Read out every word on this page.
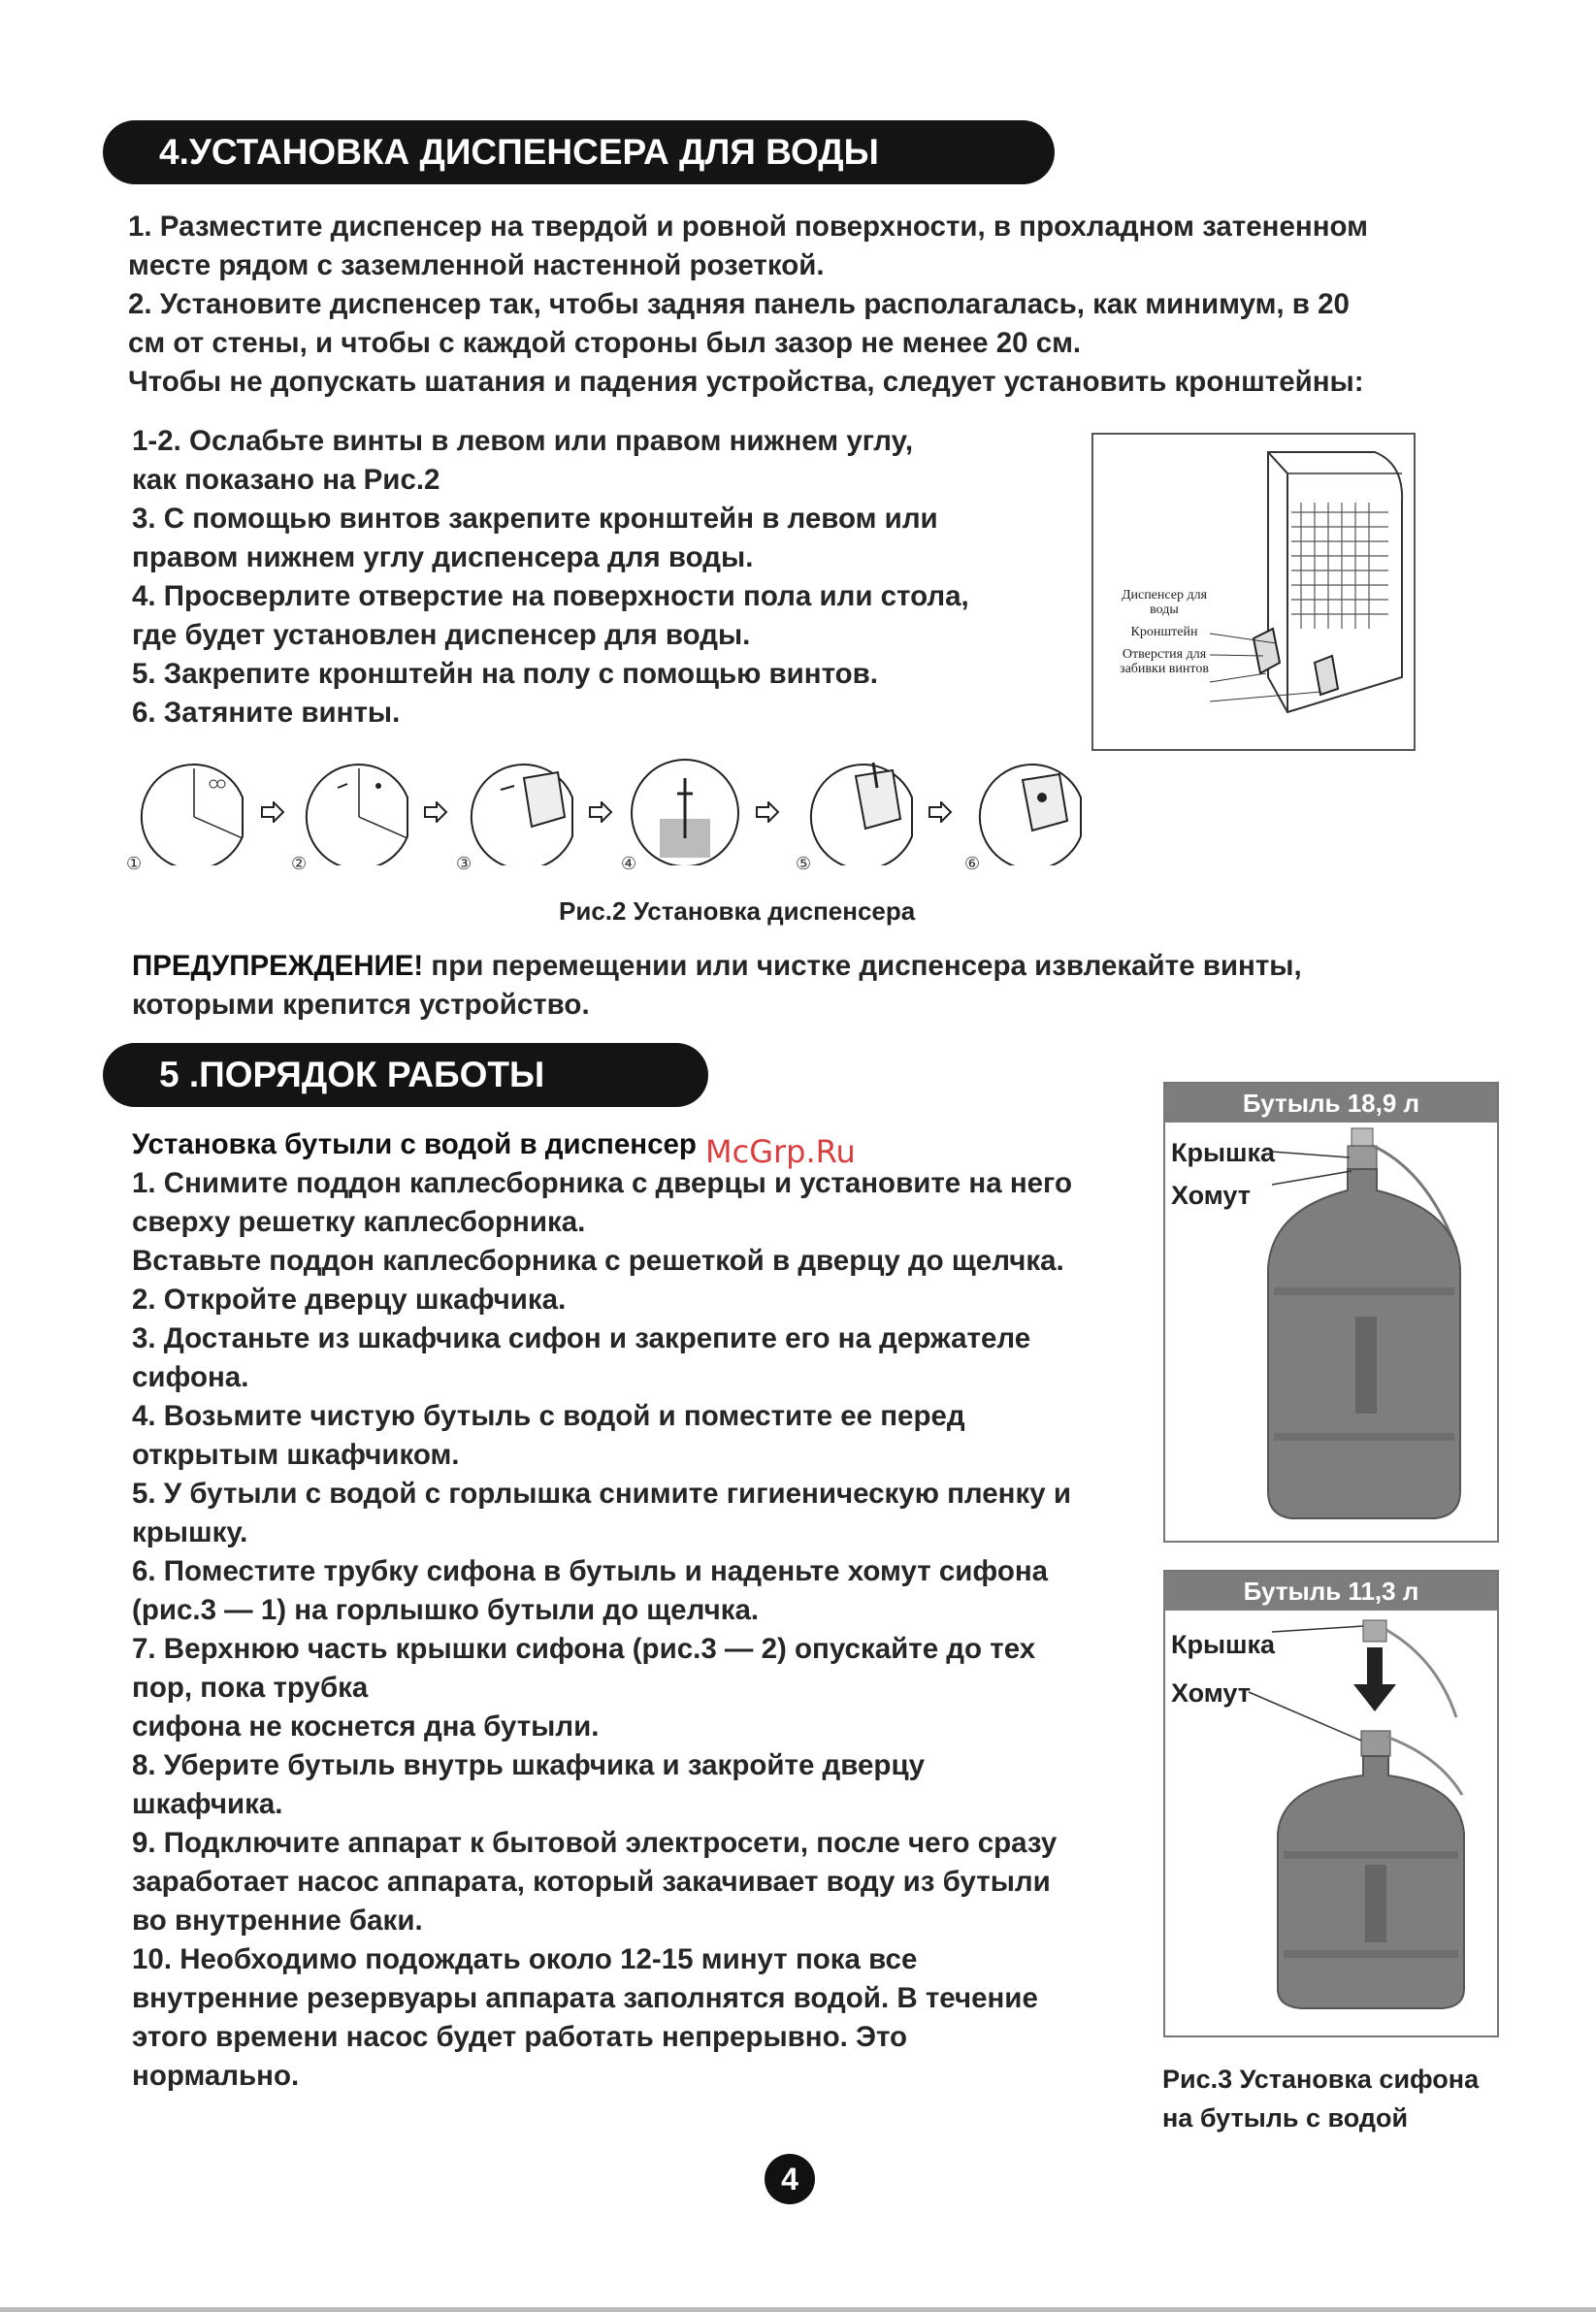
4.УСТАНОВКА ДИСПЕНСЕРА ДЛЯ ВОДЫ

1. Разместите диспенсер на твердой и ровной поверхности, в прохладном затененном

месте рядом с заземленной настенной розеткой.

2. Установите диспенсер так, чтобы задняя панель располагалась, как минимум, в 20

см от стены, и чтобы с каждой стороны был зазор не менее 20 см.

Чтобы не допускать шатания и падения устройства, следует установить кронштейны:

1-2. Ослабьте винты в левом или правом нижнем углу,

как показано на Рис.2

3. С помощью винтов закрепите кронштейн в левом или

правом нижнем углу диспенсера для воды.

4. Просверлите отверстие на поверхности пола или стола,

где будет установлен диспенсер для воды.

5. Закрепите кронштейн на полу с помощью винтов.

6. Затяните винты.

Диспенсер для воды
Кронштейн
Отверстия для забивки винтов
①	②	③	④	⑤	⑥
Рис.2 Установка диспенсера

ПРЕДУПРЕЖДЕНИЕ! при перемещении или чистке диспенсера извлекайте винты,

которыми крепится устройство.

5 .ПОРЯДОК РАБОТЫ

Установка бутыли с водой в диспенсер

1. Снимите поддон каплесборника с дверцы и установите на него

сверху решетку каплесборника.

Вставьте поддон каплесборника с решеткой в дверцу до щелчка.

2. Откройте дверцу шкафчика.

3. Достаньте из шкафчика сифон и закрепите его на держателе

сифона.

4. Возьмите чистую бутыль с водой и поместите ее перед

открытым шкафчиком.

5. У бутыли с водой с горлышка снимите гигиеническую пленку и

крышку.

6. Поместите трубку сифона в бутыль и наденьте хомут сифона

(рис.3 — 1) на горлышко бутыли до щелчка.

7. Верхнюю часть крышки сифона (рис.3 — 2) опускайте до тех

пор, пока трубка

сифона не коснется дна бутыли.

8. Уберите бутыль внутрь шкафчика и закройте дверцу

шкафчика.

9. Подключите аппарат к бытовой электросети, после чего сразу

заработает насос аппарата, который закачивает воду из бутыли

во внутренние баки.

10. Необходимо подождать около 12-15 минут пока все

внутренние резервуары аппарата заполнятся водой. В течение

этого времени насос будет работать непрерывно. Это

нормально.

McGrp.Ru
Бутыль 18,9 л
Крышка
Хомут
Бутыль 11,3 л
Крышка
Хомут
Рис.3 Установка сифона
на бутыль с водой
4
